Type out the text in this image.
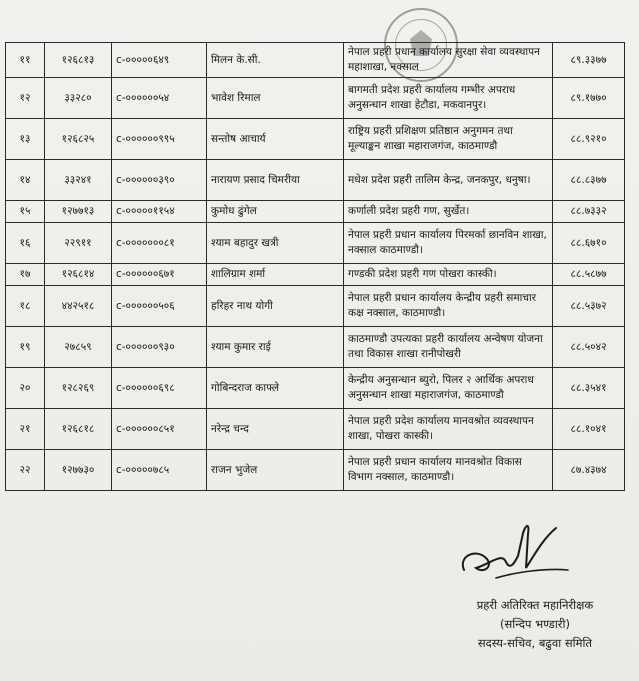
११	१२६८१३	c-०००००६४९	मिलन के.सी.	नेपाल प्रहरी प्रधान कार्यालय सुरक्षा सेवा व्यवस्थापन महाशाखा, नक्साल	८९.३३७७
१२	३३२८०	c-००००००५४	भावेश रिमाल	बागमती प्रदेश प्रहरी कार्यालय गम्भीर अपराध अनुसन्धान शाखा हेटौडा, मकवानपुर।	८९.१७७०
१३	१२६८२५	c-००००००९९५	सन्तोष आचार्य	राष्ट्रिय प्रहरी प्रशिक्षण प्रतिष्ठान अनुगमन तथा मूल्याङ्कन शाखा महाराजगंज, काठमाण्डौ	८८.९२१०
१४	३३२४१	c-००००००३९०	नारायण प्रसाद चिमरीया	मधेश प्रदेश प्रहरी तालिम केन्द्र, जनकपुर, धनुषा।	८८.८३७७
१५	१२७७१३	c-०००००११५४	कुमोध ढुंगेल	कर्णाली प्रदेश प्रहरी गण, सुर्खेत।	८८.७३३२
१६	२२९११	c-०००००००८१	श्याम बहादुर खत्री	नेपाल प्रहरी प्रधान कार्यालय पिरमर्का छानविन शाखा, नक्साल काठमाण्डौ।	८८.६७१०
१७	१२६८१४	c-००००००६७१	शालिग्राम शर्मा	गण्डकी प्रदेश प्रहरी गण पोखरा कास्की।	८८.५८७७
१८	४४२५१८	c-००००००५०६	हरिहर नाथ योगी	नेपाल प्रहरी प्रधान कार्यालय केन्द्रीय प्रहरी समाचार कक्ष नक्साल, काठमाण्डौ।	८८.५३७२
१९	२७८५९	c-००००००९३०	श्याम कुमार राई	काठमाण्डौ उपत्यका प्रहरी कार्यालय अन्वेषण योजना तथा विकास शाखा रानीपोखरी	८८.५०४२
२०	१२८२६९	c-००००००६९८	गोबिन्दराज काफ्ले	केन्द्रीय अनुसन्धान ब्युरो, पिलर २ आर्थिक अपराध अनुसन्धान शाखा महाराजगंज, काठमाण्डौ	८८.३५४१
२१	१२६८१८	c-००००००८५१	नरेन्द्र चन्द	नेपाल प्रहरी प्रदेश कार्यालय मानवश्रोत व्यवस्थापन शाखा, पोखरा कास्की।	८८.१०४१
२२	१२७७३०	c-०००००७८५	राजन भुजेल	नेपाल प्रहरी प्रधान कार्यालय मानवश्रोत विकास विभाग नक्साल, काठमाण्डौ।	८७.४३७४
प्रहरी अतिरिक्त महानिरीक्षक
(सन्दिप भण्डारी)
सदस्य-सचिव, बढुवा समिति
